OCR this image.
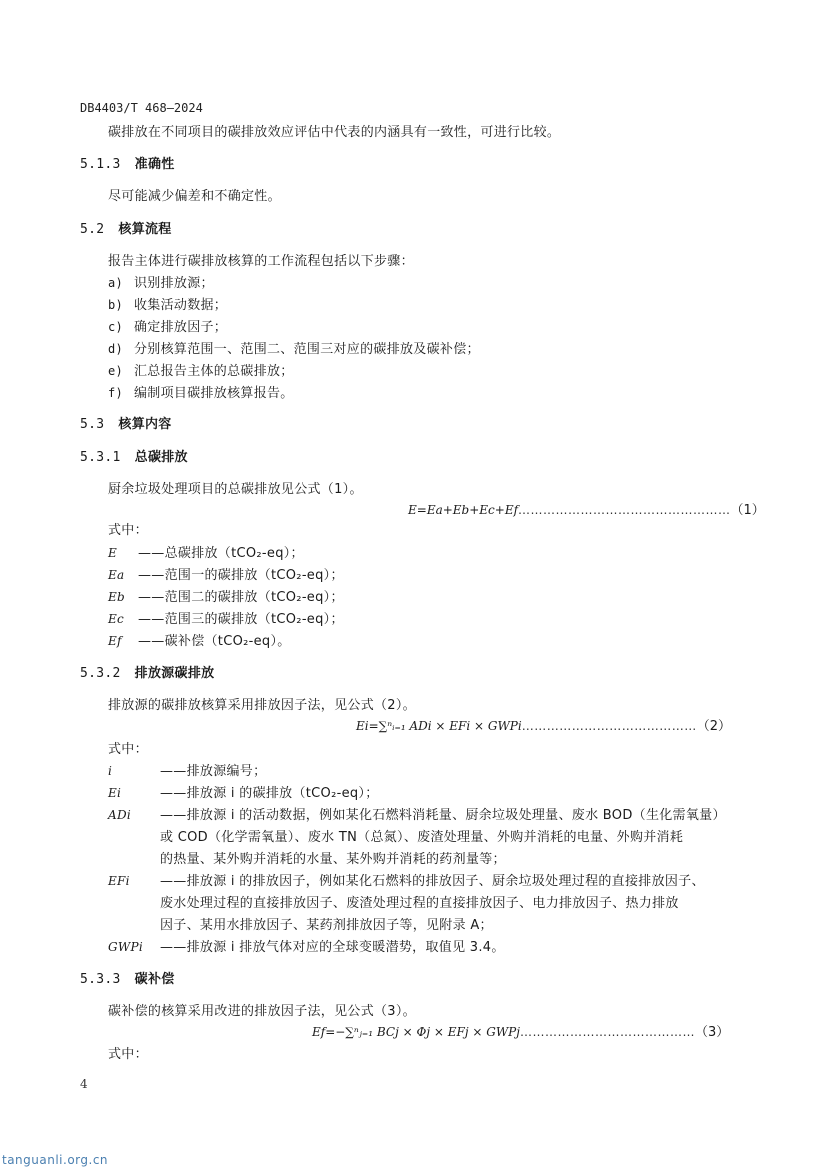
DB4403/T 468—2024
碳排放在不同项目的碳排放效应评估中代表的内涵具有一致性，可进行比较。
5.1.3 准确性
尽可能减少偏差和不确定性。
5.2 核算流程
报告主体进行碳排放核算的工作流程包括以下步骤：
a) 识别排放源；
b) 收集活动数据；
c) 确定排放因子；
d) 分别核算范围一、范围二、范围三对应的碳排放及碳补偿；
e) 汇总报告主体的总碳排放；
f) 编制项目碳排放核算报告。
5.3 核算内容
5.3.1 总碳排放
厨余垃圾处理项目的总碳排放见公式（1）。
E=Ea+Eb+Ec+Ef……………………………………………（1）
式中：
E ——总碳排放（tCO₂-eq）；
Ea ——范围一的碳排放（tCO₂-eq）；
Eb ——范围二的碳排放（tCO₂-eq）；
Ec ——范围三的碳排放（tCO₂-eq）；
Ef ——碳补偿（tCO₂-eq）。
5.3.2 排放源碳排放
排放源的碳排放核算采用排放因子法，见公式（2）。
Ei=∑ⁿᵢ₌₁ ADi × EFi × GWPi……………………………………（2）
式中：
i	——排放源编号；
Ei	——排放源 i 的碳排放（tCO₂-eq）；
ADi ——排放源 i 的活动数据，例如某化石燃料消耗量、厨余垃圾处理量、废水 BOD（生化需氧量）
或 COD（化学需氧量）、废水 TN（总氮）、废渣处理量、外购并消耗的电量、外购并消耗
的热量、某外购并消耗的水量、某外购并消耗的药剂量等；
EFi ——排放源 i 的排放因子，例如某化石燃料的排放因子、厨余垃圾处理过程的直接排放因子、
废水处理过程的直接排放因子、废渣处理过程的直接排放因子、电力排放因子、热力排放
因子、某用水排放因子、某药剂排放因子等，见附录 A；
GWPi ——排放源 i 排放气体对应的全球变暖潜势，取值见 3.4。
5.3.3 碳补偿
碳补偿的核算采用改进的排放因子法，见公式（3）。
Ef=−∑ⁿⱼ₌₁ BCj × Φj × EFj × GWPj……………………………………（3）
式中：
4
tanguanli.org.cn
